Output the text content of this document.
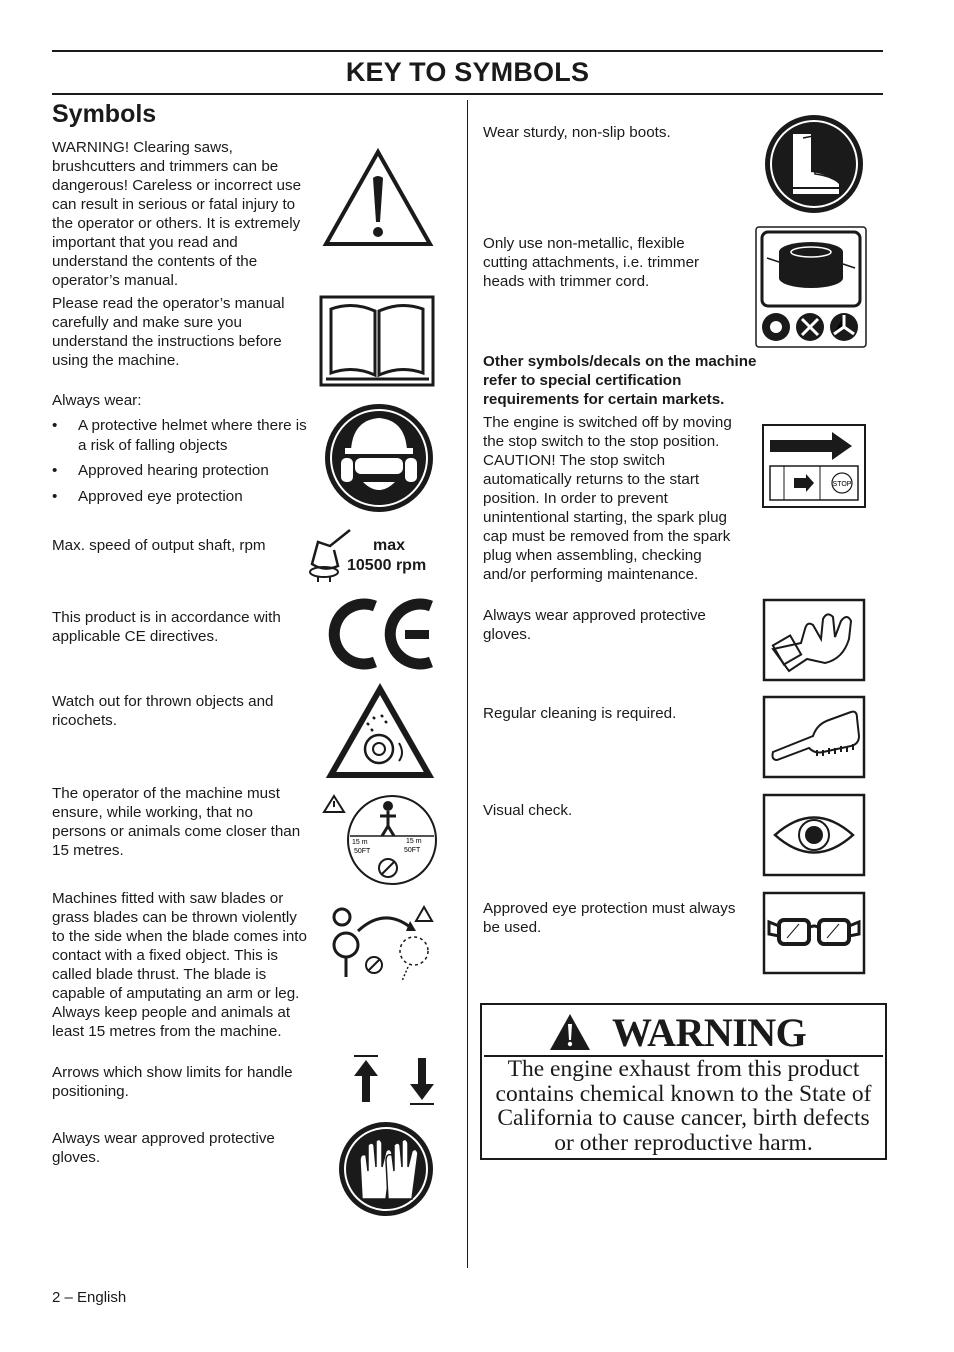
KEY TO SYMBOLS
Symbols

WARNING! Clearing saws, brushcutters and trimmers can be dangerous! Careless or incorrect use can result in serious or fatal injury to the operator or others. It is extremely important that you read and understand the contents of the operator’s manual.

Please read the operator’s manual carefully and make sure you understand the instructions before using the machine.

Always wear:

• A protective helmet where there is a risk of falling objects
• Approved hearing protection
• Approved eye protection

Max. speed of output shaft, rpm	max
10500 rpm

This product is in accordance with applicable CE directives.

Watch out for thrown objects and ricochets.

The operator of the machine must ensure, while working, that no persons or animals come closer than 15 metres.	15 m
50FT
15 m
50FT

Machines fitted with saw blades or grass blades can be thrown violently to the side when the blade comes into contact with a fixed object. This is called blade thrust. The blade is capable of amputating an arm or leg. Always keep people and animals at least 15 metres from the machine.

Arrows which show limits for handle positioning.

Always wear approved protective gloves.

2 – English

Wear sturdy, non-slip boots.

Only use non-metallic, flexible cutting attachments, i.e. trimmer heads with trimmer cord.

Other symbols/decals on the machine refer to special certification requirements for certain markets.

The engine is switched off by moving the stop switch to the stop position. CAUTION! The stop switch automatically returns to the start position. In order to prevent unintentional starting, the spark plug cap must be removed from the spark plug when assembling, checking and/or performing maintenance.

STOP

Always wear approved protective gloves.

Regular cleaning is required.

Visual check.

Approved eye protection must always be used.

WARNING
The engine exhaust from this product contains chemical known to the State of California to cause cancer, birth defects or other reproductive harm.
